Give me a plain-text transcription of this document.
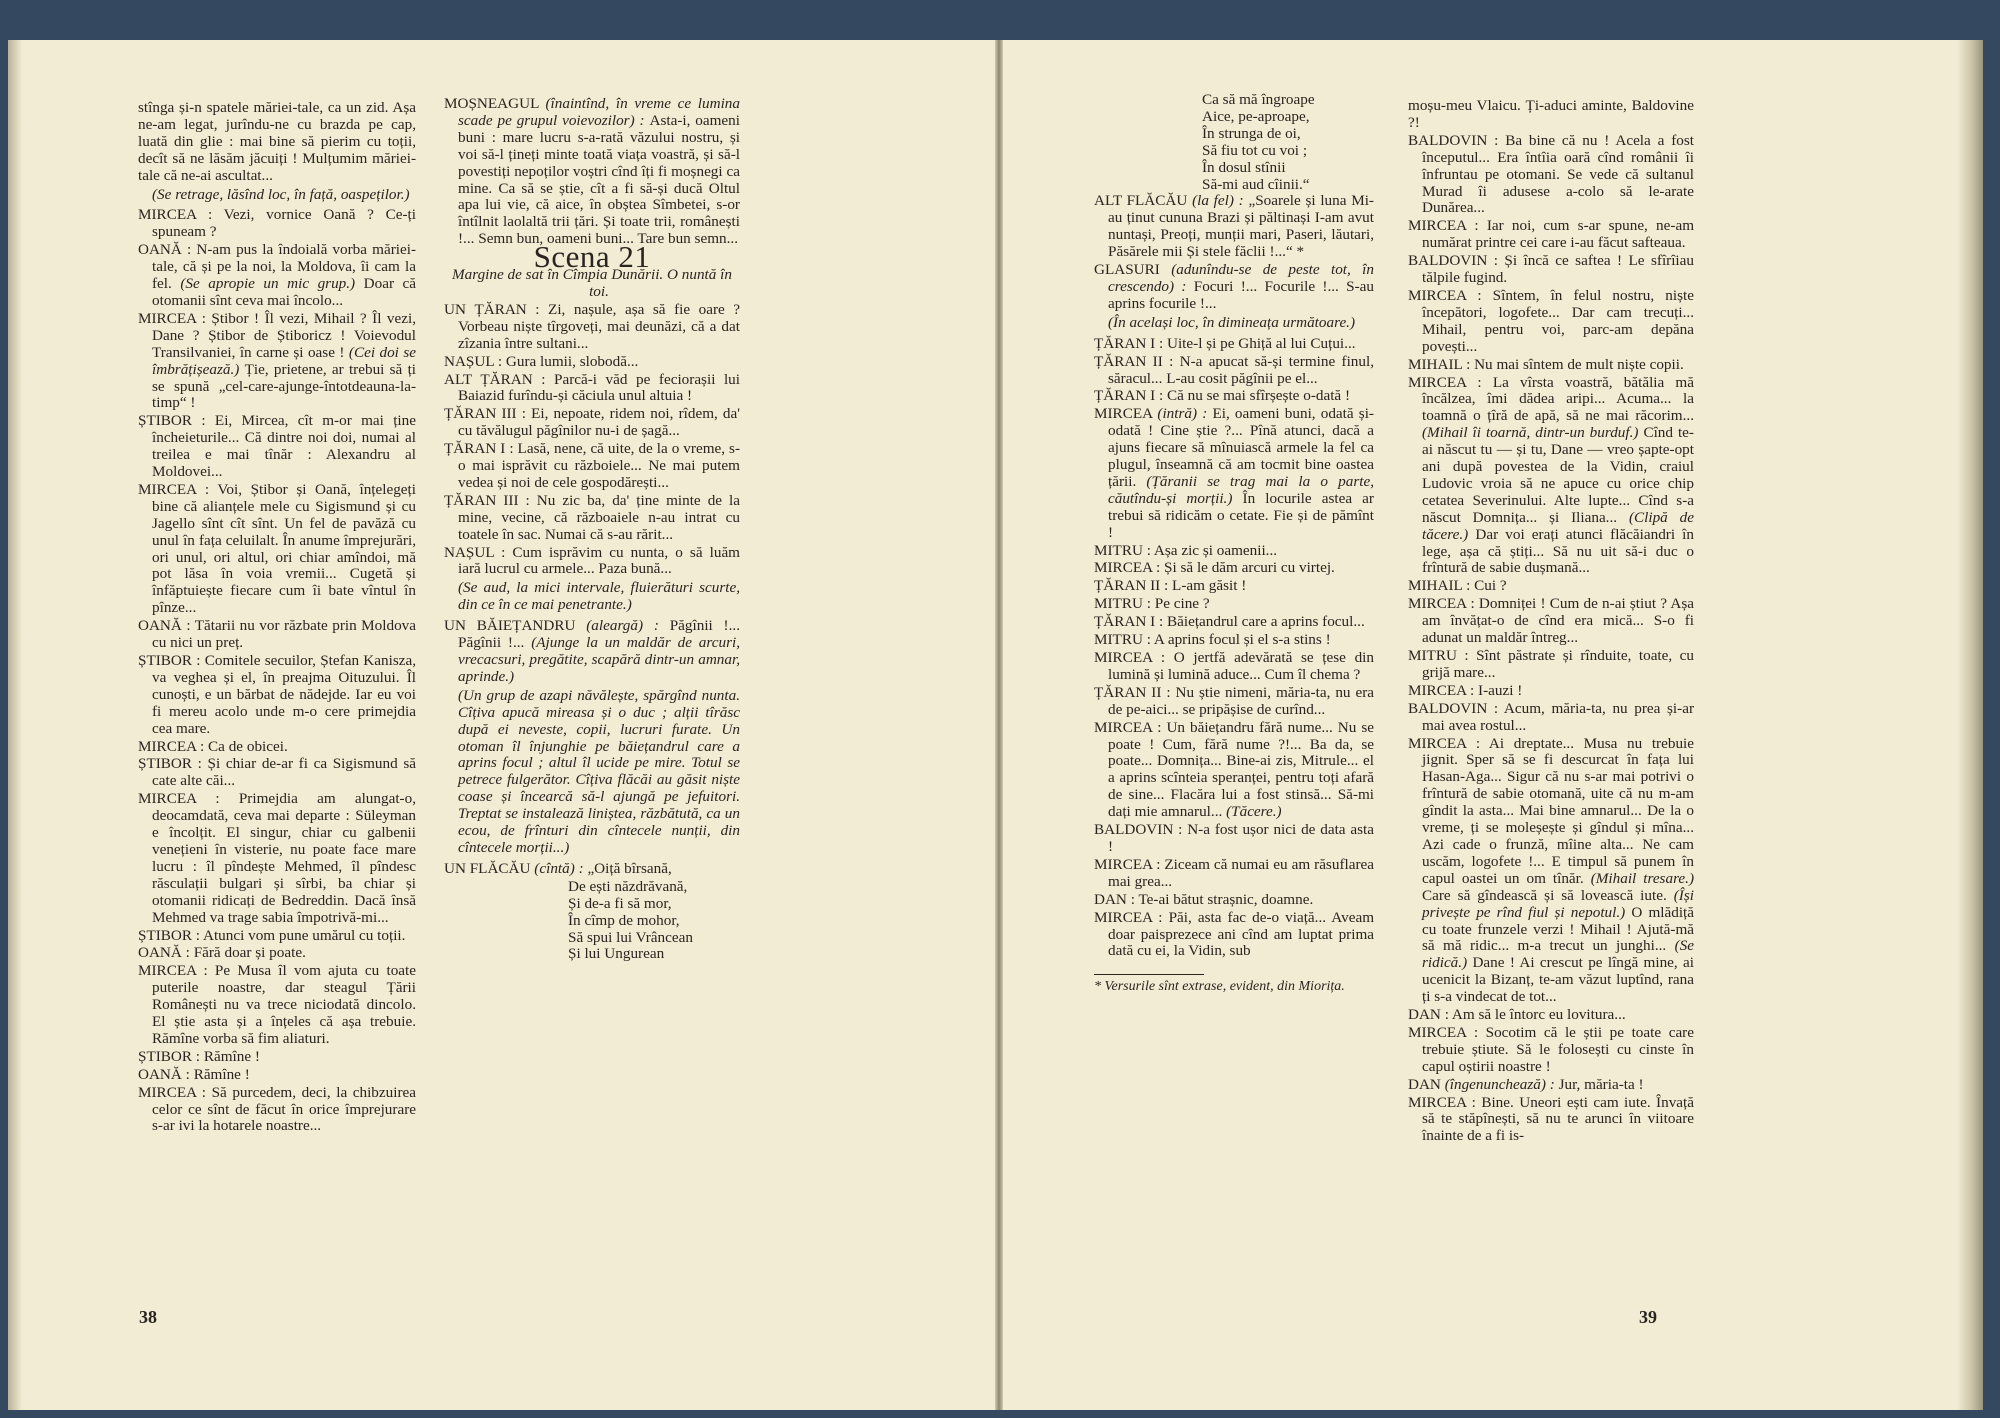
stînga și-n spatele măriei-tale, ca un zid. Așa ne-am legat, jurîndu-ne cu brazda pe cap, luată din glie : mai bine să pierim cu toții, decît să ne lăsăm jăcuiți ! Mulțumim măriei-tale că ne-ai ascultat...

(Se retrage, lăsînd loc, în față, oaspeților.)

MIRCEA : Vezi, vornice Oană ? Ce-ți spuneam ?

OANĂ : N-am pus la îndoială vorba măriei-tale, că și pe la noi, la Moldova, îi cam la fel. (Se apropie un mic grup.) Doar că otomanii sînt ceva mai încolo...

MIRCEA : Știbor ! Îl vezi, Mihail ? Îl vezi, Dane ? Știbor de Știboricz ! Voievodul Transilvaniei, în carne și oase ! (Cei doi se îmbrățișează.) Ție, prietene, ar trebui să ți se spună „cel-care-ajunge-întotdeauna-la-timp“ !

ȘTIBOR : Ei, Mircea, cît m-or mai ține încheieturile... Că dintre noi doi, numai al treilea e mai tînăr : Alexandru al Moldovei...

MIRCEA : Voi, Știbor și Oană, înțelegeți bine că alianțele mele cu Sigismund și cu Jagello sînt cît sînt. Un fel de pavăză cu unul în fața celuilalt. În anume împrejurări, ori unul, ori altul, ori chiar amîndoi, mă pot lăsa în voia vremii... Cugetă și înfăptuiește fiecare cum îi bate vîntul în pînze...

OANĂ : Tătarii nu vor răzbate prin Moldova cu nici un preț.

ȘTIBOR : Comitele secuilor, Ștefan Kanisza, va veghea și el, în preajma Oituzului. Îl cunoști, e un bărbat de nădejde. Iar eu voi fi mereu acolo unde m-o cere primejdia cea mare.

MIRCEA : Ca de obicei.

ȘTIBOR : Și chiar de-ar fi ca Sigismund să cate alte căi...

MIRCEA : Primejdia am alungat-o, deocamdată, ceva mai departe : Süleyman e încolțit. El singur, chiar cu galbenii venețieni în visterie, nu poate face mare lucru : îl pîndește Mehmed, îl pîndesc răsculații bulgari și sîrbi, ba chiar și otomanii ridicați de Bedreddin. Dacă însă Mehmed va trage sabia împotrivă-mi...

ȘTIBOR : Atunci vom pune umărul cu toții.

OANĂ : Fără doar și poate.

MIRCEA : Pe Musa îl vom ajuta cu toate puterile noastre, dar steagul Țării Românești nu va trece niciodată dincolo. El știe asta și a înțeles că așa trebuie. Rămîne vorba să fim aliaturi.

ȘTIBOR : Rămîne !

OANĂ : Rămîne !

MIRCEA : Să purcedem, deci, la chibzuirea celor ce sînt de făcut în orice împrejurare s-ar ivi la hotarele noastre...

MOȘNEAGUL (înaintînd, în vreme ce lumina scade pe grupul voievozilor) : Asta-i, oameni buni : mare lucru s-a-rată văzului nostru, și voi să-l țineți minte toată viața voastră, și să-l povestiți nepoților voștri cînd îți fi moșnegi ca mine. Ca să se știe, cît a fi să-și ducă Oltul apa lui vie, că aice, în obștea Sîmbetei, s-or întîlnit laolaltă trii țări. Și toate trii, românești !... Semn bun, oameni buni... Tare bun semn...

Scena 21

Margine de sat în Cîmpia Dunării. O nuntă în toi.

UN ȚĂRAN : Zi, nașule, așa să fie oare ? Vorbeau niște tîrgoveți, mai deunăzi, că a dat zîzania între sultani...

NAȘUL : Gura lumii, slobodă...

ALT ȚĂRAN : Parcă-i văd pe feciorașii lui Baiazid furîndu-și căciula unul altuia !

ȚĂRAN III : Ei, nepoate, ridem noi, rîdem, da' cu tăvălugul păgînilor nu-i de șagă...

ȚĂRAN I : Lasă, nene, că uite, de la o vreme, s-o mai isprăvit cu războiele... Ne mai putem vedea și noi de cele gospodărești...

ȚĂRAN III : Nu zic ba, da' ține minte de la mine, vecine, că războaiele n-au intrat cu toatele în sac. Numai că s-au rărit...

NAȘUL : Cum isprăvim cu nunta, o să luăm iară lucrul cu armele... Paza bună...

(Se aud, la mici intervale, fluierături scurte, din ce în ce mai penetrante.)

UN BĂIEȚANDRU (aleargă) : Păgînii !... Păgînii !... (Ajunge la un maldăr de arcuri, vrecacsuri, pregătite, scapără dintr-un amnar, aprinde.)

(Un grup de azapi năvălește, spărgînd nunta. Cîțiva apucă mireasa și o duc ; alții tîrăsc după ei neveste, copii, lucruri furate. Un otoman îl înjunghie pe băiețandrul care a aprins focul ; altul îl ucide pe mire. Totul se petrece fulgerător. Cîțiva flăcăi au găsit niște coase și încearcă să-l ajungă pe jefuitori. Treptat se instalează liniștea, răzbătută, ca un ecou, de frînturi din cîntecele nunții, din cîntecele morții...)

UN FLĂCĂU (cîntă) : „Oiță bîrsană,

De ești năzdrăvană,

Și de-a fi să mor,

În cîmp de mohor,

Să spui lui Vrâncean

Și lui Ungurean

38

Ca să mă îngroape

Aice, pe-aproape,

În strunga de oi,

Să fiu tot cu voi ;

În dosul stînii

Să-mi aud cîinii.“

ALT FLĂCĂU (la fel) : „Soarele și luna Mi-au ținut cununa Brazi și păltinași I-am avut nuntași, Preoți, munții mari, Paseri, lăutari, Păsărele mii Și stele făclii !...“ *

GLASURI (adunîndu-se de peste tot, în crescendo) : Focuri !... Focurile !... S-au aprins focurile !...

(În același loc, în dimineața următoare.)

ȚĂRAN I : Uite-l și pe Ghiță al lui Cuțui...

ȚĂRAN II : N-a apucat să-și termine finul, săracul... L-au cosit păgînii pe el...

ȚĂRAN I : Că nu se mai sfîrșește o-dată !

MIRCEA (intră) : Ei, oameni buni, odată și-odată ! Cine știe ?... Pînă atunci, dacă a ajuns fiecare să mînuiască armele la fel ca plugul, înseamnă că am tocmit bine oastea țării. (Țăranii se trag mai la o parte, căutîndu-și morții.) În locurile astea ar trebui să ridicăm o cetate. Fie și de pămînt !

MITRU : Așa zic și oamenii...

MIRCEA : Și să le dăm arcuri cu virtej.

ȚĂRAN II : L-am găsit !

MITRU : Pe cine ?

ȚĂRAN I : Băiețandrul care a aprins focul...

MITRU : A aprins focul și el s-a stins !

MIRCEA : O jertfă adevărată se țese din lumină și lumină aduce... Cum îl chema ?

ȚĂRAN II : Nu știe nimeni, măria-ta, nu era de pe-aici... se pripășise de curînd...

MIRCEA : Un băiețandru fără nume... Nu se poate ! Cum, fără nume ?!... Ba da, se poate... Domnița... Bine-ai zis, Mitrule... el a aprins scînteia speranței, pentru toți afară de sine... Flacăra lui a fost stinsă... Să-mi dați mie amnarul... (Tăcere.)

BALDOVIN : N-a fost ușor nici de data asta !

MIRCEA : Ziceam că numai eu am răsuflarea mai grea...

DAN : Te-ai bătut strașnic, doamne.

MIRCEA : Păi, asta fac de-o viață... Aveam doar paisprezece ani cînd am luptat prima dată cu ei, la Vidin, sub

* Versurile sînt extrase, evident, din Miorița.

moșu-meu Vlaicu. Ți-aduci aminte, Baldovine ?!

BALDOVIN : Ba bine că nu ! Acela a fost începutul... Era întîia oară cînd românii îi înfruntau pe otomani. Se vede că sultanul Murad îi adusese a-colo să le-arate Dunărea...

MIRCEA : Iar noi, cum s-ar spune, ne-am numărat printre cei care i-au făcut safteaua.

BALDOVIN : Și încă ce saftea ! Le sfîrîiau tălpile fugind.

MIRCEA : Sîntem, în felul nostru, niște începători, logofete... Dar cam trecuți... Mihail, pentru voi, parc-am depăna povești...

MIHAIL : Nu mai sîntem de mult niște copii.

MIRCEA : La vîrsta voastră, bătălia mă încălzea, îmi dădea aripi... Acuma... la toamnă o țîră de apă, să ne mai răcorim... (Mihail îi toarnă, dintr-un burduf.) Cînd te-ai născut tu — și tu, Dane — vreo șapte-opt ani după povestea de la Vidin, craiul Ludovic vroia să ne apuce cu orice chip cetatea Severinului. Alte lupte... Cînd s-a născut Domnița... și Iliana... (Clipă de tăcere.) Dar voi erați atunci flăcăiandri în lege, așa că știți... Să nu uit să-i duc o frîntură de sabie dușmană...

MIHAIL : Cui ?

MIRCEA : Domniței ! Cum de n-ai știut ? Așa am învățat-o de cînd era mică... S-o fi adunat un maldăr întreg...

MITRU : Sînt păstrate și rînduite, toate, cu grijă mare...

MIRCEA : I-auzi !

BALDOVIN : Acum, măria-ta, nu prea și-ar mai avea rostul...

MIRCEA : Ai dreptate... Musa nu trebuie jignit. Sper să se fi descurcat în fața lui Hasan-Aga... Sigur că nu s-ar mai potrivi o frîntură de sabie otomană, uite că nu m-am gîndit la asta... Mai bine amnarul... De la o vreme, ți se moleșește și gîndul și mîna... Azi cade o frunză, mîine alta... Ne cam uscăm, logofete !... E timpul să punem în capul oastei un om tînăr. (Mihail tresare.) Care să gîndească și să lovească iute. (Își privește pe rînd fiul și nepotul.) O mlădiță cu toate frunzele verzi ! Mihail ! Ajută-mă să mă ridic... m-a trecut un junghi... (Se ridică.) Dane ! Ai crescut pe lîngă mine, ai ucenicit la Bizanț, te-am văzut luptînd, rana ți s-a vindecat de tot...

DAN : Am să le întorc eu lovitura...

MIRCEA : Socotim că le știi pe toate care trebuie știute. Să le folosești cu cinste în capul oștirii noastre !

DAN (îngenunchează) : Jur, măria-ta !

MIRCEA : Bine. Uneori ești cam iute. Învață să te stăpînești, să nu te arunci în viitoare înainte de a fi is-

39
